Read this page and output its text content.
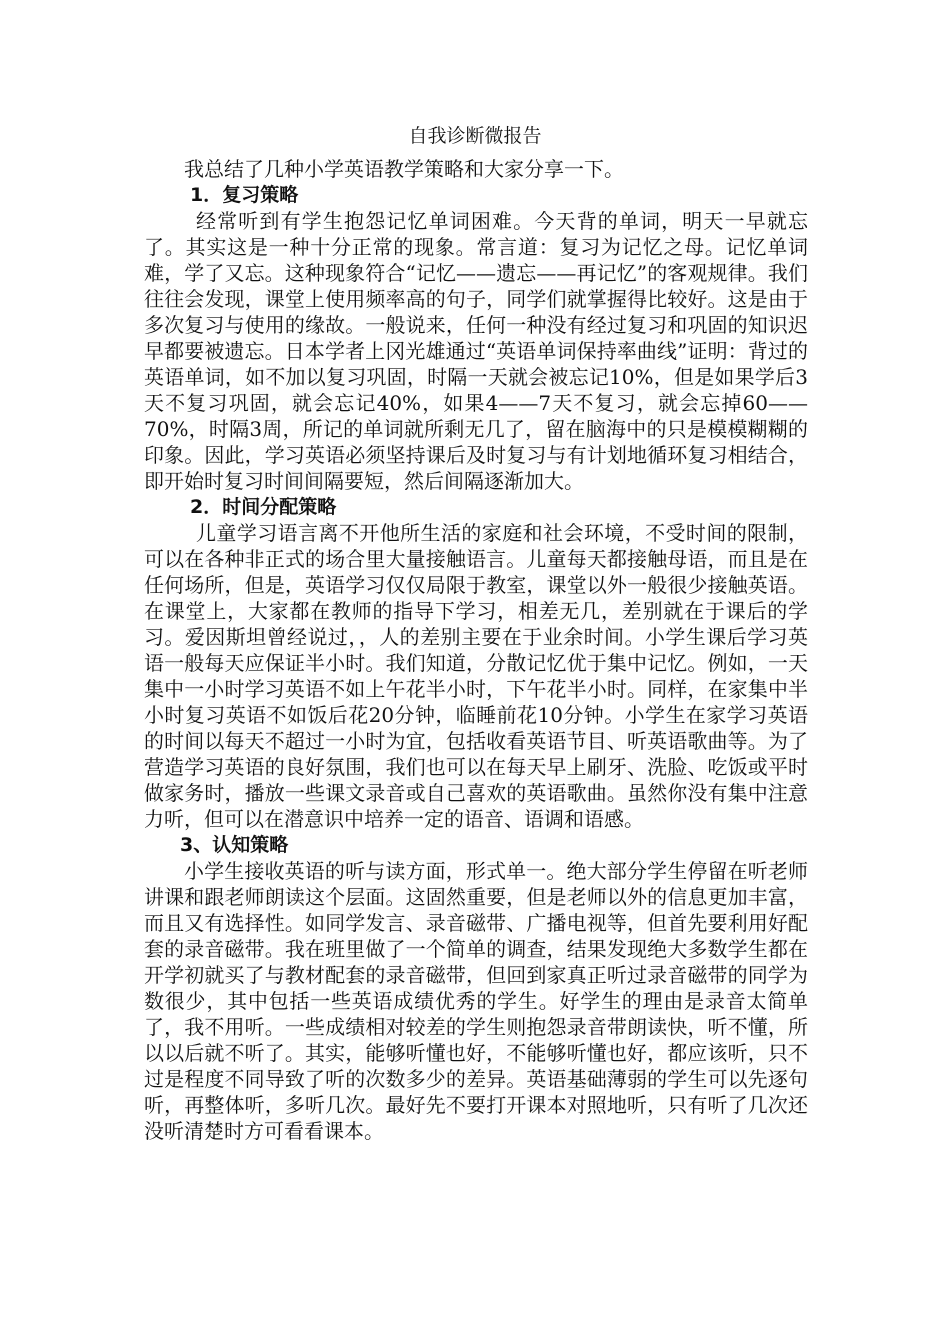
自我诊断微报告

我总结了几种小学英语教学策略和大家分享一下。

1．复习策略

经常听到有学生抱怨记忆单词困难。今天背的单词，明天一早就忘了。其实这是一种十分正常的现象。常言道：复习为记忆之母。记忆单词难，学了又忘。这种现象符合“记忆——遗忘——再记忆”的客观规律。我们往往会发现，课堂上使用频率高的句子，同学们就掌握得比较好。这是由于多次复习与使用的缘故。一般说来，任何一种没有经过复习和巩固的知识迟早都要被遗忘。日本学者上冈光雄通过“英语单词保持率曲线”证明：背过的英语单词，如不加以复习巩固，时隔一天就会被忘记10%，但是如果学后3天不复习巩固，就会忘记40%，如果4——7天不复习，就会忘掉60——70%，时隔3周，所记的单词就所剩无几了，留在脑海中的只是模模糊糊的印象。因此，学习英语必须坚持课后及时复习与有计划地循环复习相结合，即开始时复习时间间隔要短，然后间隔逐渐加大。

2．时间分配策略

儿童学习语言离不开他所生活的家庭和社会环境，不受时间的限制，可以在各种非正式的场合里大量接触语言。儿童每天都接触母语，而且是在任何场所，但是，英语学习仅仅局限于教室，课堂以外一般很少接触英语。在课堂上，大家都在教师的指导下学习，相差无几，差别就在于课后的学习。爱因斯坦曾经说过，，人的差别主要在于业余时间。小学生课后学习英语一般每天应保证半小时。我们知道，分散记忆优于集中记忆。例如，一天集中一小时学习英语不如上午花半小时，下午花半小时。同样，在家集中半小时复习英语不如饭后花20分钟，临睡前花10分钟。小学生在家学习英语的时间以每天不超过一小时为宜，包括收看英语节目、听英语歌曲等。为了营造学习英语的良好氛围，我们也可以在每天早上刷牙、洗脸、吃饭或平时做家务时，播放一些课文录音或自己喜欢的英语歌曲。虽然你没有集中注意力听，但可以在潜意识中培养一定的语音、语调和语感。

3、认知策略

小学生接收英语的听与读方面，形式单一。绝大部分学生停留在听老师讲课和跟老师朗读这个层面。这固然重要，但是老师以外的信息更加丰富，而且又有选择性。如同学发言、录音磁带、广播电视等，但首先要利用好配套的录音磁带。我在班里做了一个简单的调查，结果发现绝大多数学生都在开学初就买了与教材配套的录音磁带，但回到家真正听过录音磁带的同学为数很少，其中包括一些英语成绩优秀的学生。好学生的理由是录音太简单了，我不用听。一些成绩相对较差的学生则抱怨录音带朗读快，听不懂，所以以后就不听了。其实，能够听懂也好，不能够听懂也好，都应该听，只不过是程度不同导致了听的次数多少的差异。英语基础薄弱的学生可以先逐句听，再整体听，多听几次。最好先不要打开课本对照地听，只有听了几次还没听清楚时方可看看课本。
